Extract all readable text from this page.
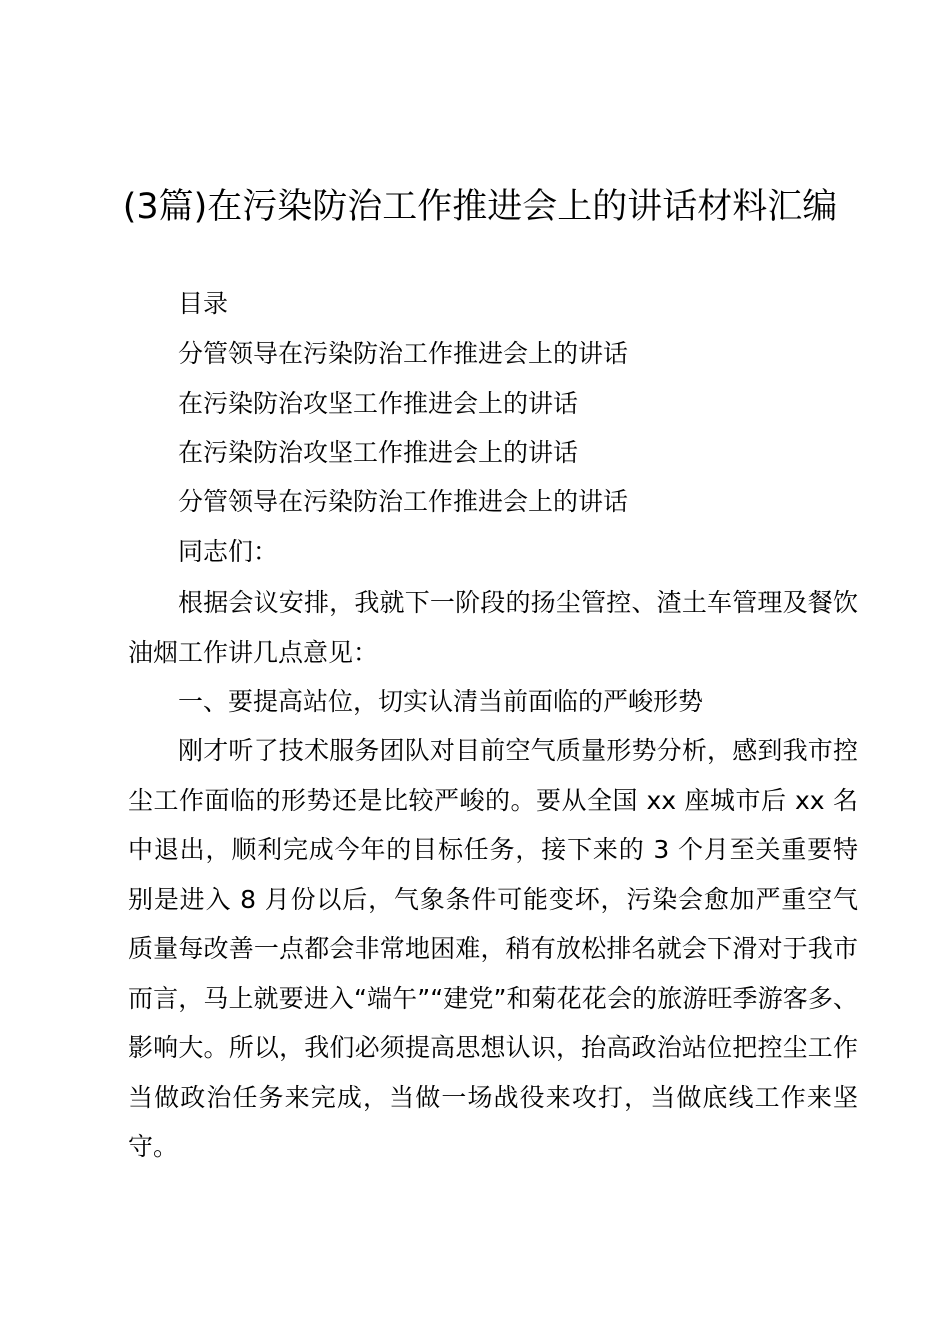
(3篇)在污染防治工作推进会上的讲话材料汇编
目录
分管领导在污染防治工作推进会上的讲话
在污染防治攻坚工作推进会上的讲话
在污染防治攻坚工作推进会上的讲话
分管领导在污染防治工作推进会上的讲话
同志们：
根据会议安排，我就下一阶段的扬尘管控、渣土车管理及餐饮油烟工作讲几点意见：
一、要提高站位，切实认清当前面临的严峻形势
刚才听了技术服务团队对目前空气质量形势分析，感到我市控尘工作面临的形势还是比较严峻的。要从全国 xx 座城市后 xx 名中退出，顺利完成今年的目标任务，接下来的 3 个月至关重要特别是进入 8 月份以后，气象条件可能变坏，污染会愈加严重空气质量每改善一点都会非常地困难，稍有放松排名就会下滑对于我市而言，马上就要进入“端午”“建党”和菊花花会的旅游旺季游客多、影响大。所以，我们必须提高思想认识，抬高政治站位把控尘工作当做政治任务来完成，当做一场战役来攻打，当做底线工作来坚守。
